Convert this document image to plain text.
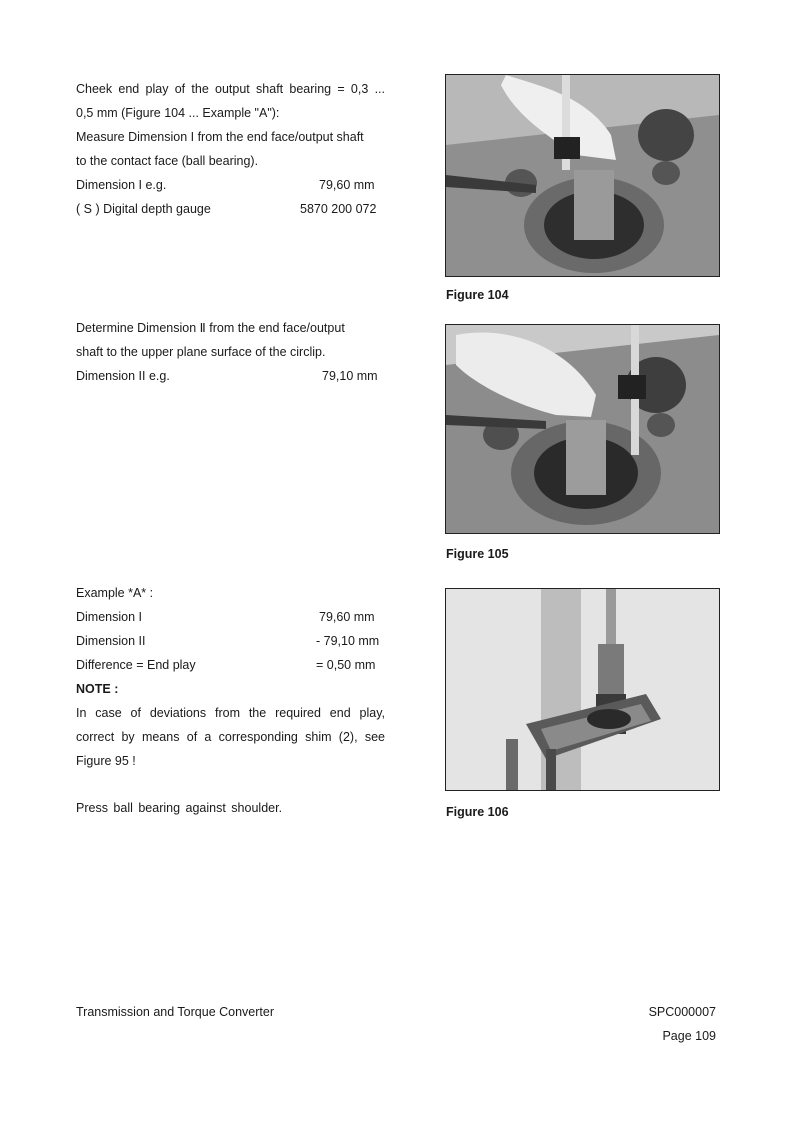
Cheek end play of the output shaft bearing = 0,3 ...
0,5 mm (Figure 104 ... Example "A"):
Measure Dimension I from the end face/output shaft
to the contact face (ball bearing).
Dimension I e.g.	79,60 mm
( S ) Digital depth gauge	5870 200 072
Figure 104
Determine Dimension Ⅱ from the end face/output
shaft to the upper plane surface of the circlip.
Dimension II e.g.	79,10 mm
Figure 105
Example *A* :
Dimension I	79,60 mm
Dimension II	- 79,10 mm
Difference = End play	= 0,50 mm
NOTE :
In case of deviations from the required end play,
correct by means of a corresponding shim (2), see
Figure 95 !
Press ball bearing against shoulder.	Figure 106
Transmission and Torque Converter	SPC000007
Page 109
